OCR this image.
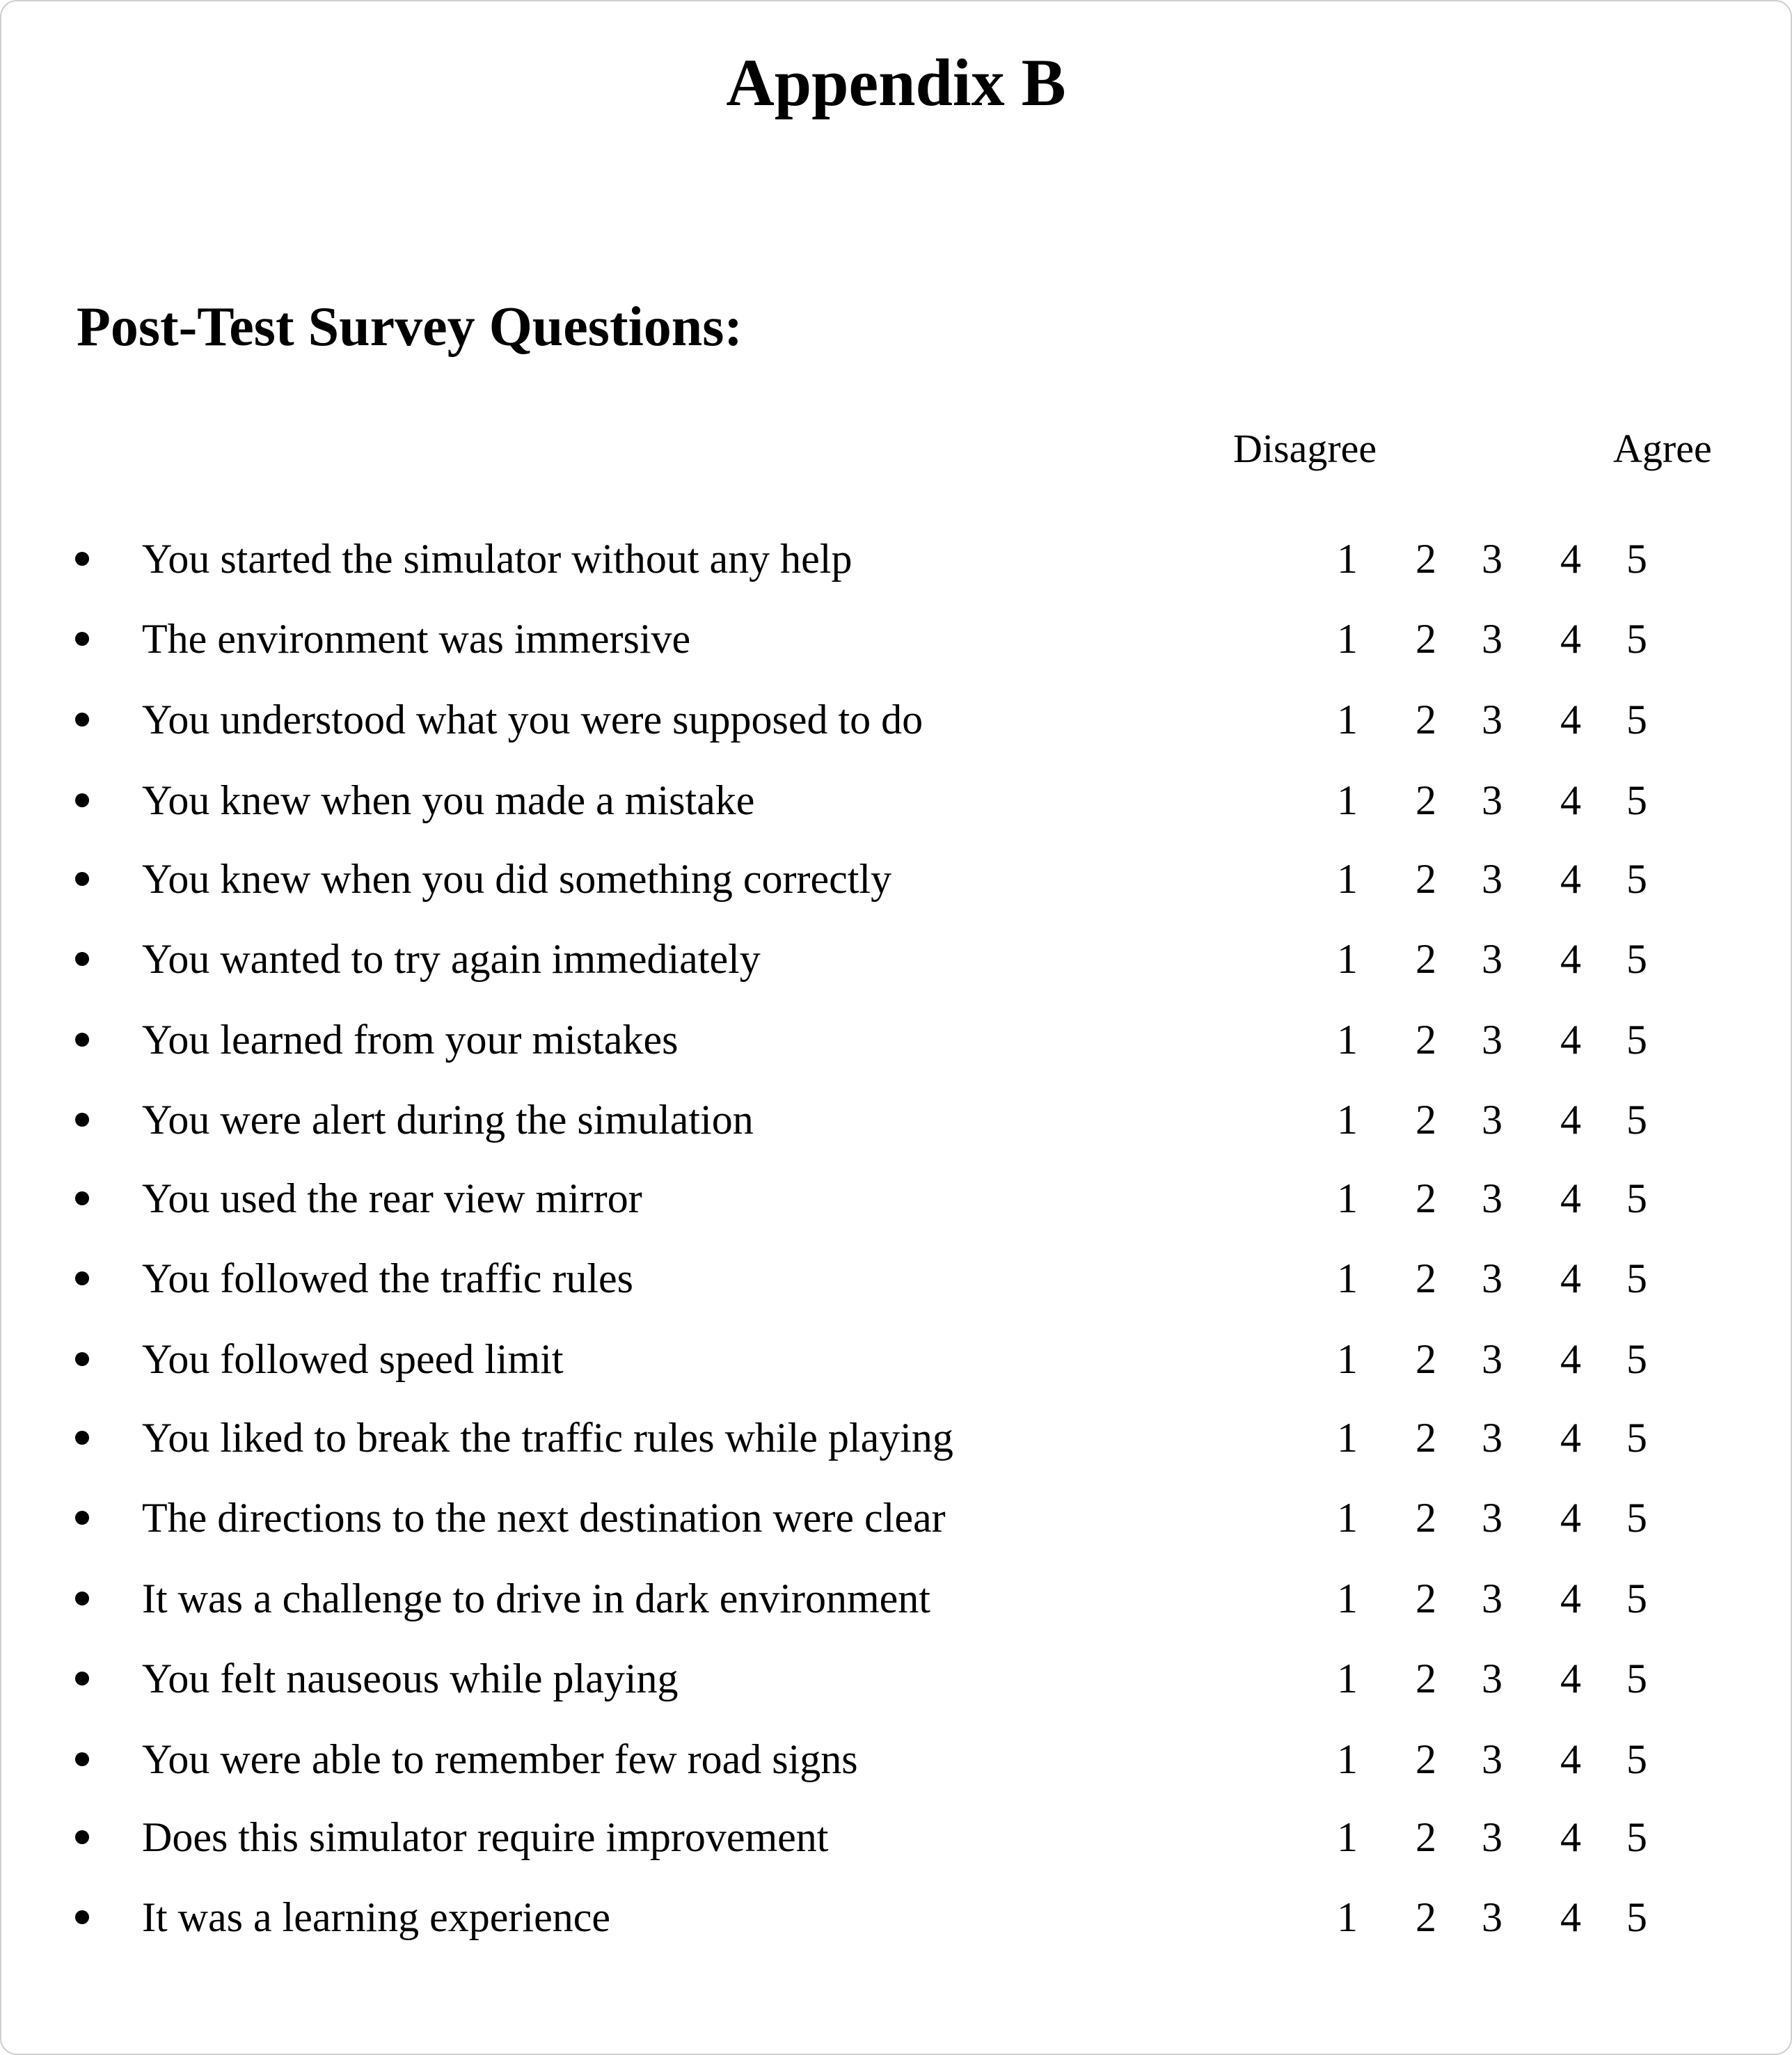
Appendix B
Post-Test Survey Questions:
Disagree	Agree
You started the simulator without any help	1 2 3 4 5
The environment was immersive	1 2 3 4 5
You understood what you were supposed to do	1 2 3 4 5
You knew when you made a mistake	1 2 3 4 5
You knew when you did something correctly	1 2 3 4 5
You wanted to try again immediately	1 2 3 4 5
You learned from your mistakes	1 2 3 4 5
You were alert during the simulation	1 2 3 4 5
You used the rear view mirror	1 2 3 4 5
You followed the traffic rules	1 2 3 4 5
You followed speed limit	1 2 3 4 5
You liked to break the traffic rules while playing	1 2 3 4 5
The directions to the next destination were clear	1 2 3 4 5
It was a challenge to drive in dark environment	1 2 3 4 5
You felt nauseous while playing	1 2 3 4 5
You were able to remember few road signs	1 2 3 4 5
Does this simulator require improvement	1 2 3 4 5
It was a learning experience	1 2 3 4 5
